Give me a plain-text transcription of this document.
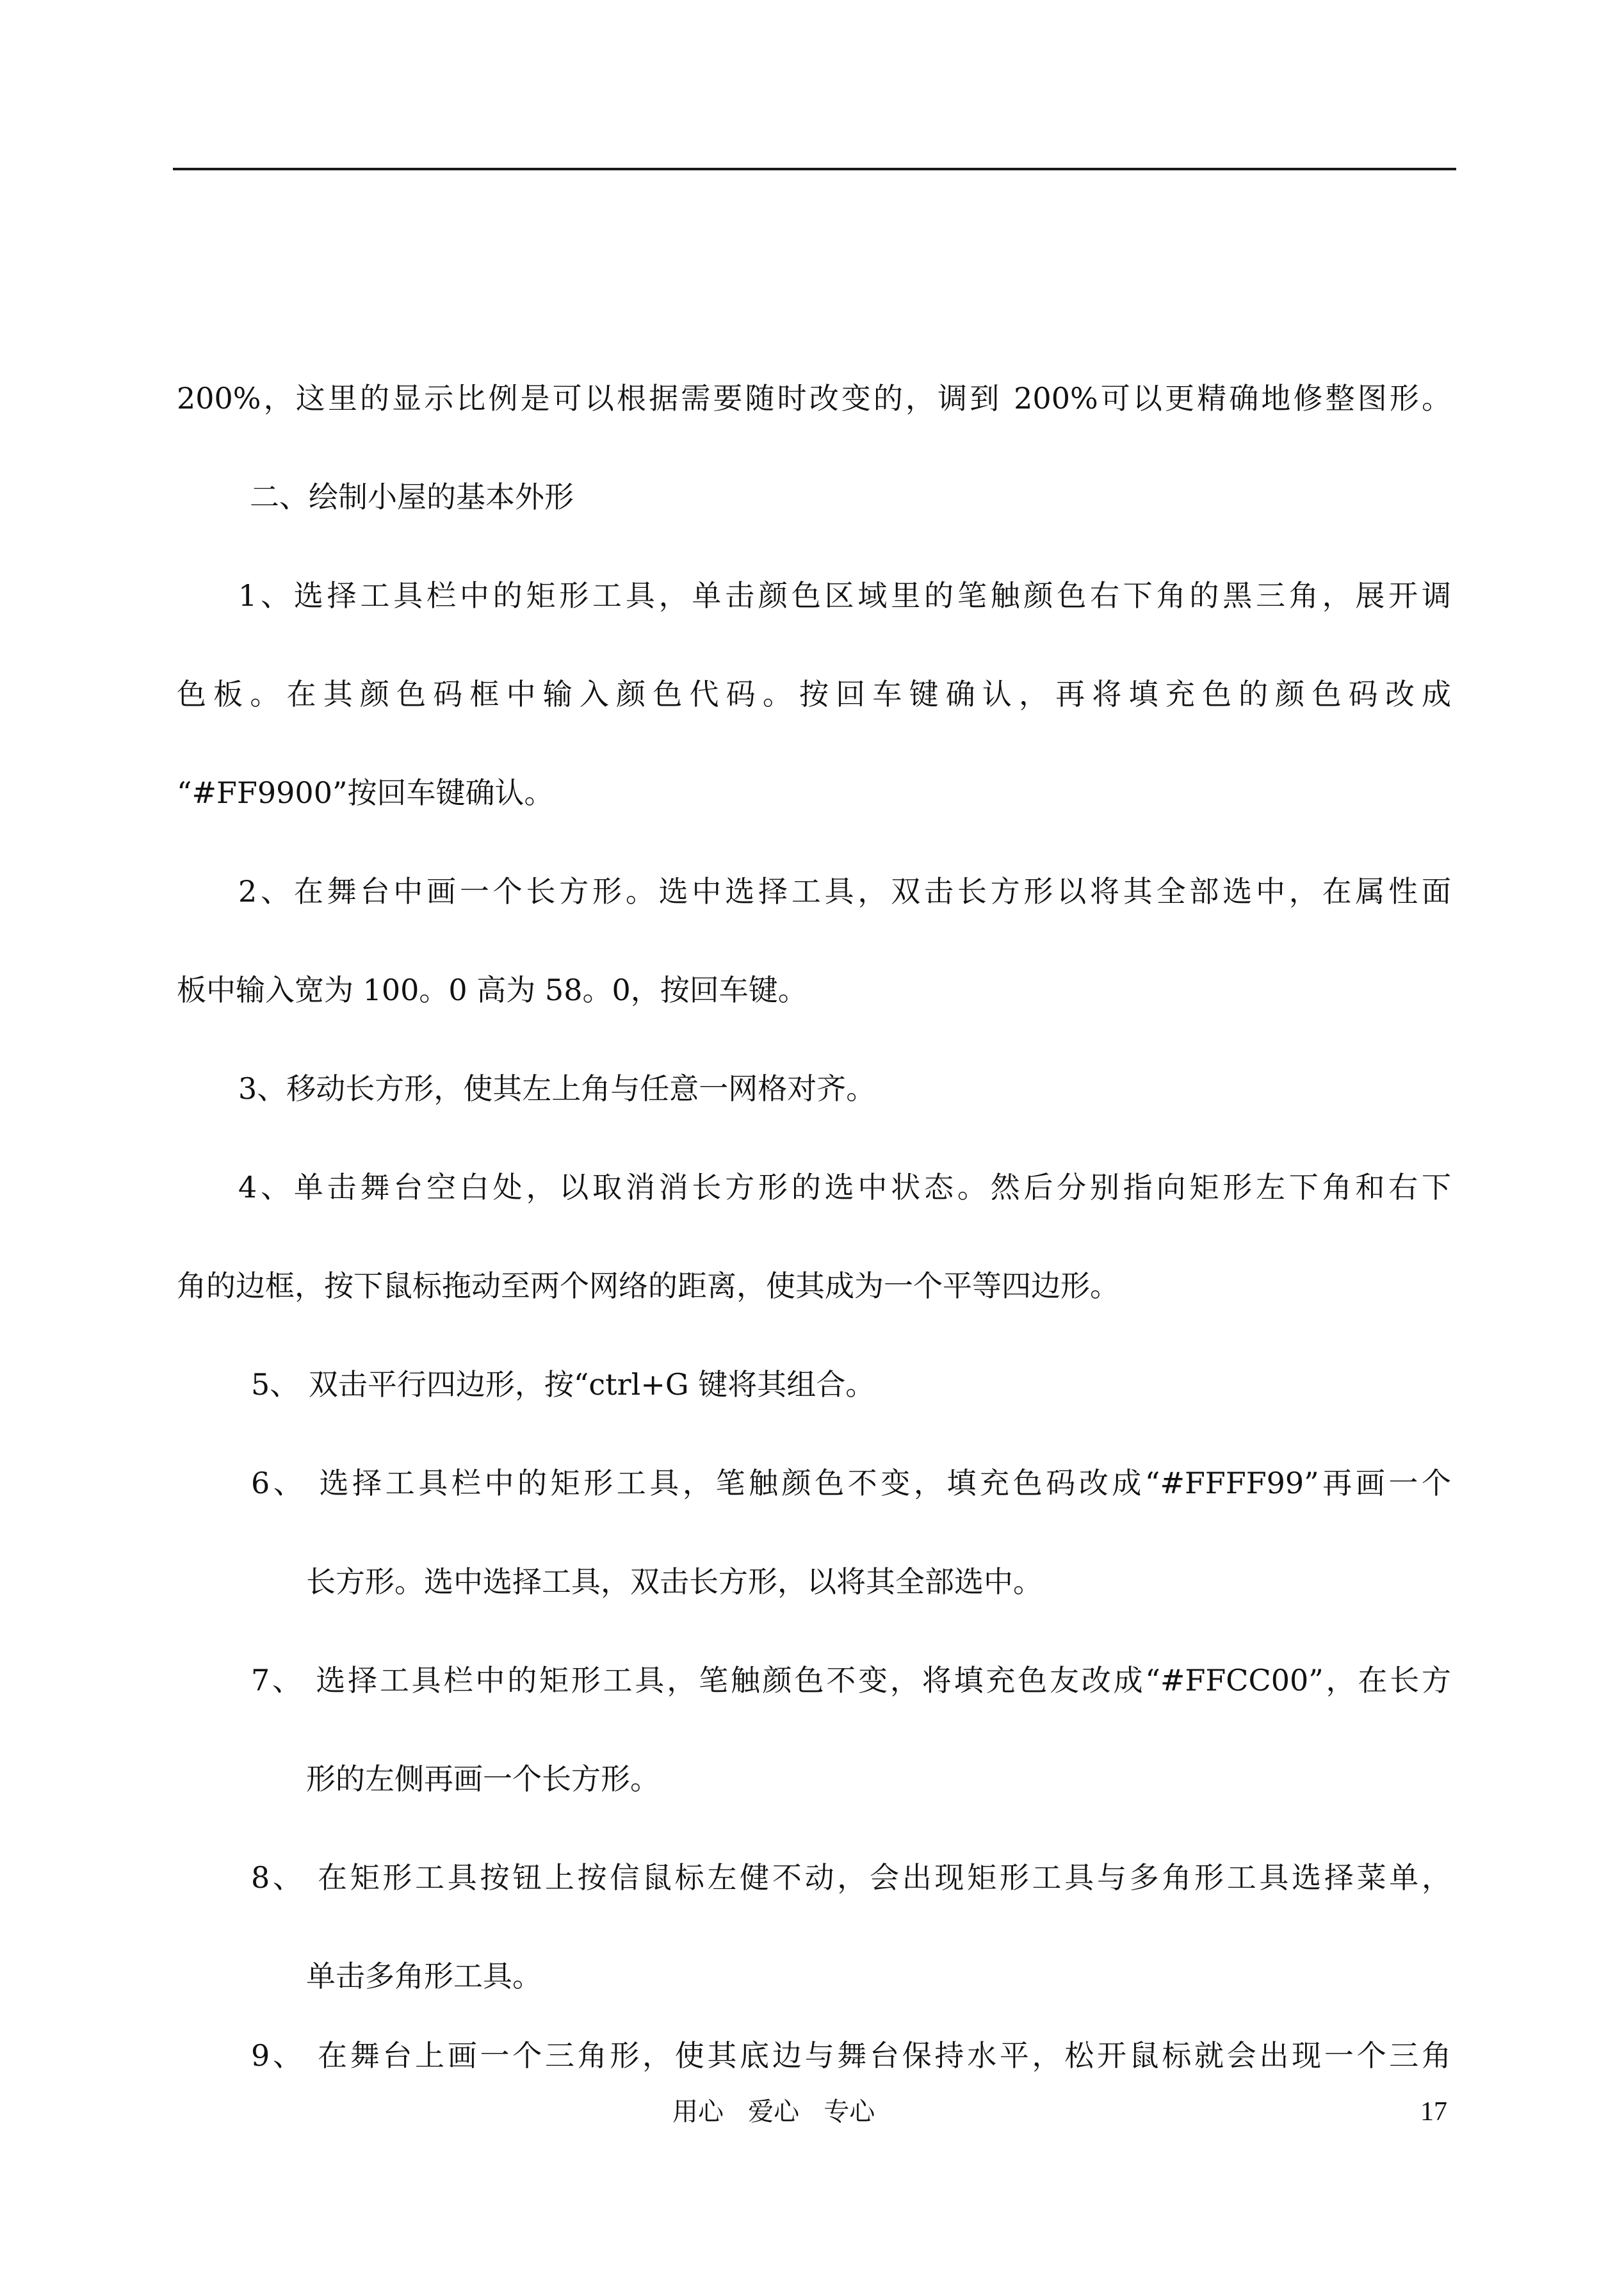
200%，这里的显示比例是可以根据需要随时改变的，调到 200%可以更精确地修整图形。
二、绘制小屋的基本外形
1、选择工具栏中的矩形工具，单击颜色区域里的笔触颜色右下角的黑三角，展开调
色板。在其颜色码框中输入颜色代码。按回车键确认，再将填充色的颜色码改成
“#FF9900”按回车键确认。
2、在舞台中画一个长方形。选中选择工具，双击长方形以将其全部选中，在属性面
板中输入宽为 100。0 高为 58。0，按回车键。
3、移动长方形，使其左上角与任意一网格对齐。
4、单击舞台空白处，以取消消长方形的选中状态。然后分别指向矩形左下角和右下
角的边框，按下鼠标拖动至两个网络的距离，使其成为一个平等四边形。
5、 双击平行四边形，按“ctrl+G 键将其组合。
6、 选择工具栏中的矩形工具，笔触颜色不变，填充色码改成“#FFFF99”再画一个
长方形。选中选择工具，双击长方形，以将其全部选中。
7、 选择工具栏中的矩形工具，笔触颜色不变，将填充色友改成“#FFCC00”，在长方
形的左侧再画一个长方形。
8、 在矩形工具按钮上按信鼠标左健不动，会出现矩形工具与多角形工具选择菜单，
单击多角形工具。
9、 在舞台上画一个三角形，使其底边与舞台保持水平，松开鼠标就会出现一个三角
用心   爱心   专心	17
